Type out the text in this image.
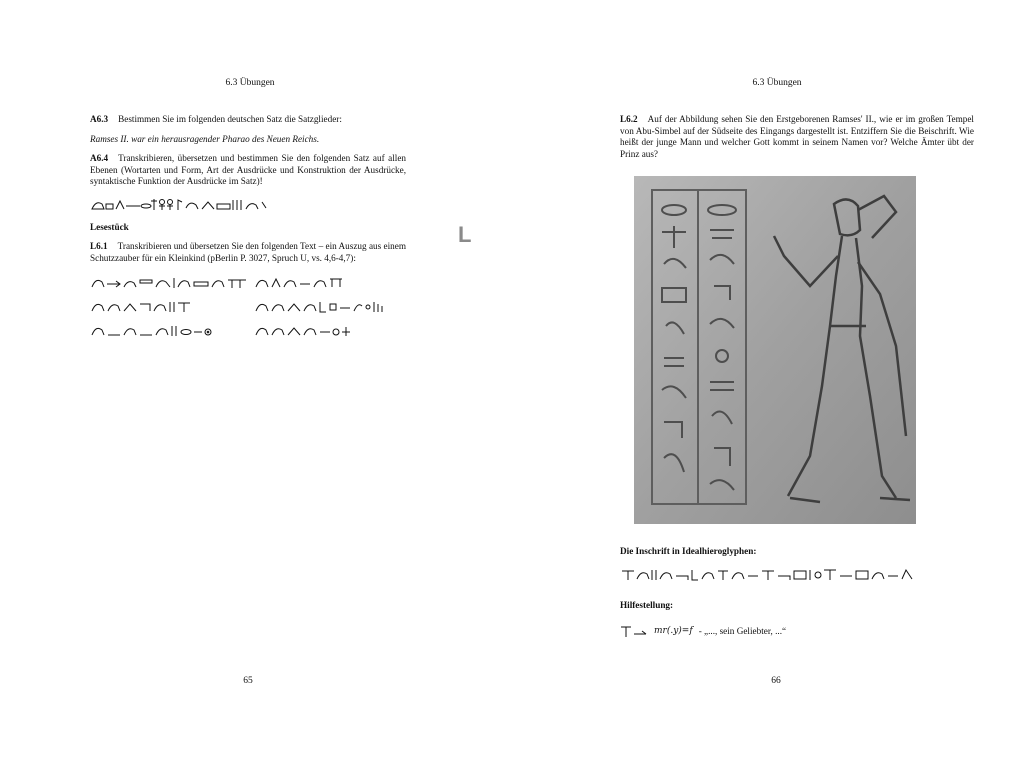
6.3 Übungen

A6.3 Bestimmen Sie im folgenden deutschen Satz die Satzglieder:

Ramses II. war ein herausragender Pharao des Neuen Reichs.

A6.4 Transkribieren, übersetzen und bestimmen Sie den folgenden Satz auf allen Ebenen (Wortarten und Form, Art der Ausdrücke und Konstruktion der Ausdrücke, syntaktische Funktion der Ausdrücke im Satz)!

Lesestück

L6.1 Transkribieren und übersetzen Sie den folgenden Text – ein Auszug aus einem Schutzzauber für ein Kleinkind (pBerlin P. 3027, Spruch U, vs. 4,6-4,7):

65
L
6.3 Übungen

L6.2 Auf der Abbildung sehen Sie den Erstgeborenen Ramses' II., wie er im großen Tempel von Abu-Simbel auf der Südseite des Eingangs dargestellt ist. Entziffern Sie die Beischrift. Wie heißt der junge Mann und welcher Gott kommt in seinem Namen vor? Welche Ämter übt der Prinz aus?

Die Inschrift in Idealhieroglyphen:
Hilfestellung:
mr(.y)=f - „..., sein Geliebter, ...“
66
